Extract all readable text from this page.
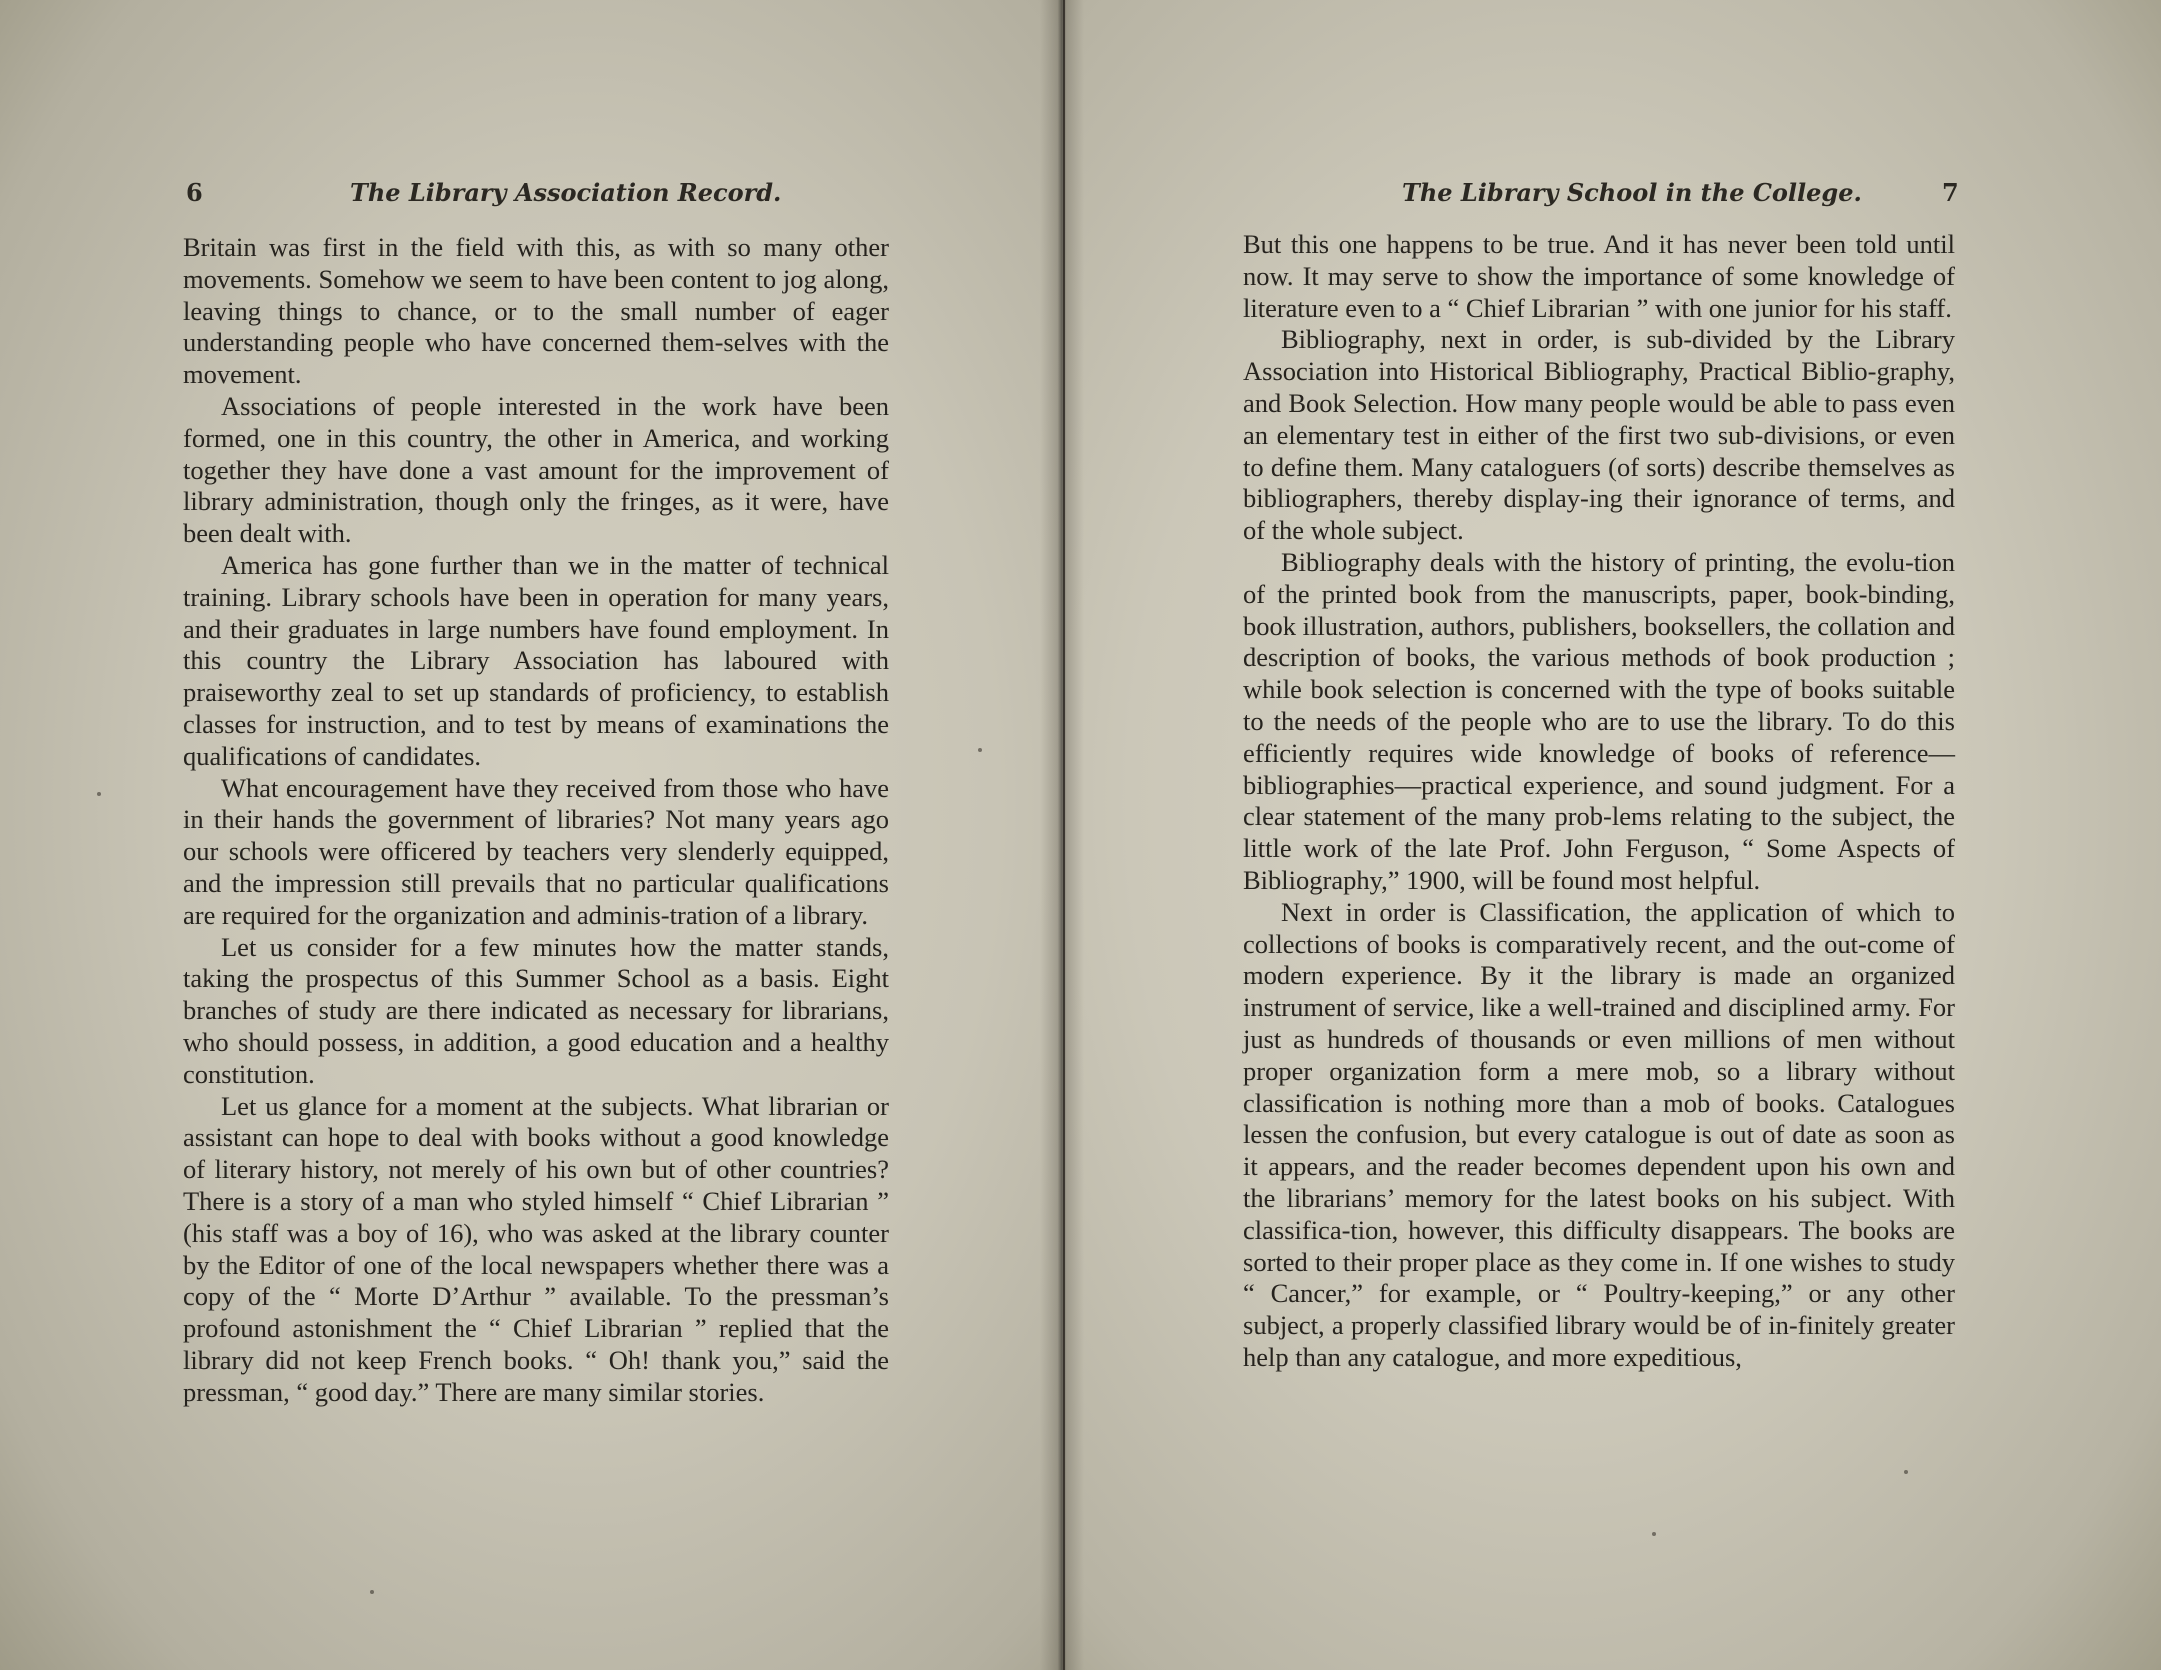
6	The Library Association Record.

Britain was first in the field with this, as with so many other movements. Somehow we seem to have been content to jog along, leaving things to chance, or to the small number of eager understanding people who have concerned them-selves with the movement.

Associations of people interested in the work have been formed, one in this country, the other in America, and working together they have done a vast amount for the improvement of library administration, though only the fringes, as it were, have been dealt with.

America has gone further than we in the matter of technical training. Library schools have been in operation for many years, and their graduates in large numbers have found employment. In this country the Library Association has laboured with praiseworthy zeal to set up standards of proficiency, to establish classes for instruction, and to test by means of examinations the qualifications of candidates.

What encouragement have they received from those who have in their hands the government of libraries? Not many years ago our schools were officered by teachers very slenderly equipped, and the impression still prevails that no particular qualifications are required for the organization and adminis-tration of a library.

Let us consider for a few minutes how the matter stands, taking the prospectus of this Summer School as a basis. Eight branches of study are there indicated as necessary for librarians, who should possess, in addition, a good education and a healthy constitution.

Let us glance for a moment at the subjects. What librarian or assistant can hope to deal with books without a good knowledge of literary history, not merely of his own but of other countries? There is a story of a man who styled himself “ Chief Librarian ” (his staff was a boy of 16), who was asked at the library counter by the Editor of one of the local newspapers whether there was a copy of the “ Morte D’Arthur ” available. To the pressman’s profound astonishment the “ Chief Librarian ” replied that the library did not keep French books. “ Oh! thank you,” said the pressman, “ good day.” There are many similar stories.

The Library School in the College.	7

But this one happens to be true. And it has never been told until now. It may serve to show the importance of some knowledge of literature even to a “ Chief Librarian ” with one junior for his staff.

Bibliography, next in order, is sub-divided by the Library Association into Historical Bibliography, Practical Biblio-graphy, and Book Selection. How many people would be able to pass even an elementary test in either of the first two sub-divisions, or even to define them. Many cataloguers (of sorts) describe themselves as bibliographers, thereby display-ing their ignorance of terms, and of the whole subject.

Bibliography deals with the history of printing, the evolu-tion of the printed book from the manuscripts, paper, book-binding, book illustration, authors, publishers, booksellers, the collation and description of books, the various methods of book production ; while book selection is concerned with the type of books suitable to the needs of the people who are to use the library. To do this efficiently requires wide knowledge of books of reference—bibliographies—practical experience, and sound judgment. For a clear statement of the many prob-lems relating to the subject, the little work of the late Prof. John Ferguson, “ Some Aspects of Bibliography,” 1900, will be found most helpful.

Next in order is Classification, the application of which to collections of books is comparatively recent, and the out-come of modern experience. By it the library is made an organized instrument of service, like a well-trained and disciplined army. For just as hundreds of thousands or even millions of men without proper organization form a mere mob, so a library without classification is nothing more than a mob of books. Catalogues lessen the confusion, but every catalogue is out of date as soon as it appears, and the reader becomes dependent upon his own and the librarians’ memory for the latest books on his subject. With classifica-tion, however, this difficulty disappears. The books are sorted to their proper place as they come in. If one wishes to study “ Cancer,” for example, or “ Poultry-keeping,” or any other subject, a properly classified library would be of in-finitely greater help than any catalogue, and more expeditious,
